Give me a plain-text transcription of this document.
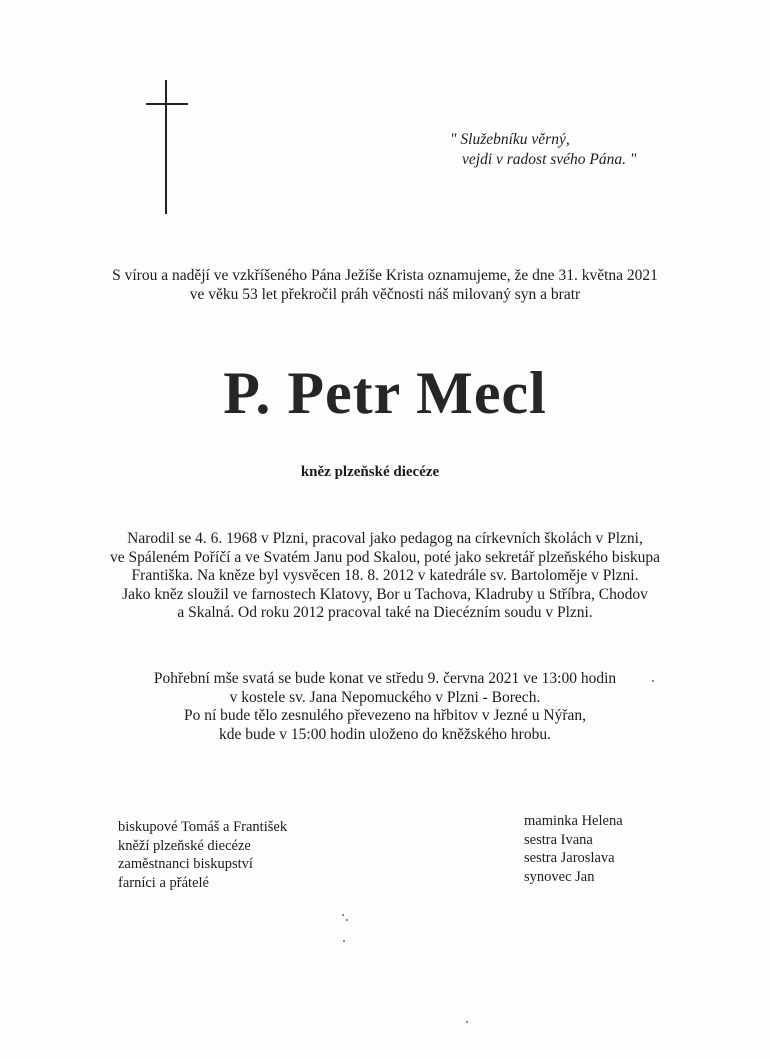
" Služebníku věrný,
vejdi v radost svého Pána. "
S vírou a nadějí ve vzkříšeného Pána Ježíše Krista oznamujeme, že dne 31. května 2021
ve věku 53 let překročil práh věčnosti náš milovaný syn a bratr
P. Petr Mecl
kněz plzeňské diecéze
Narodil se 4. 6. 1968 v Plzni, pracoval jako pedagog na církevních školách v Plzni,
ve Spáleném Poříčí a ve Svatém Janu pod Skalou, poté jako sekretář plzeňského biskupa
Františka. Na kněze byl vysvěcen 18. 8. 2012 v katedrále sv. Bartoloměje v Plzni.
Jako kněz sloužil ve farnostech Klatovy, Bor u Tachova, Kladruby u Stříbra, Chodov
a Skalná. Od roku 2012 pracoval také na Diecézním soudu v Plzni.
Pohřební mše svatá se bude konat ve středu 9. června 2021 ve 13:00 hodin
v kostele sv. Jana Nepomuckého v Plzni - Borech.
Po ní bude tělo zesnulého převezeno na hřbitov v Jezné u Nýřan,
kde bude v 15:00 hodin uloženo do kněžského hrobu.
biskupové Tomáš a František
kněží plzeňské diecéze
zaměstnanci biskupství
farníci a přátelé
maminka Helena
sestra Ivana
sestra Jaroslava
synovec Jan
